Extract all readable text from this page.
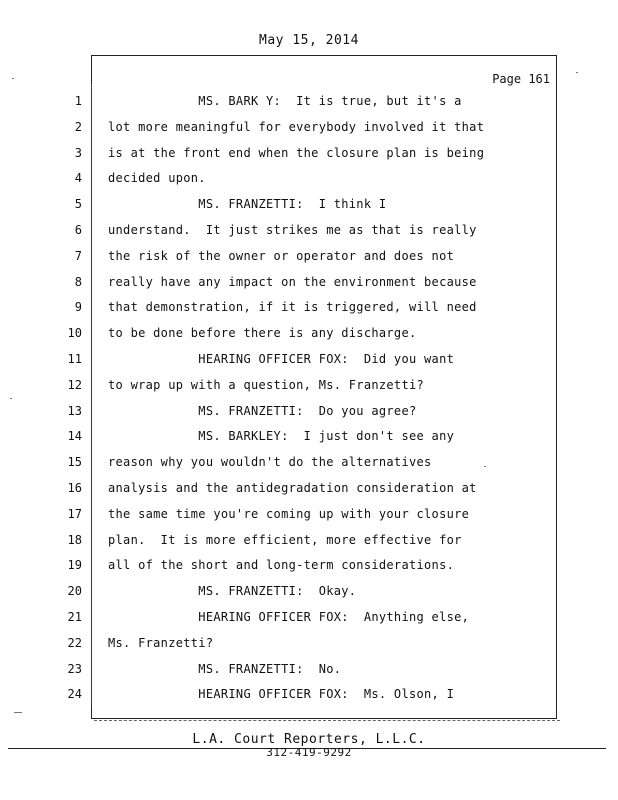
May 15, 2014
Page 161
1 MS. BARK Y:  It is true, but it's a
2 lot more meaningful for everybody involved it that
3 is at the front end when the closure plan is being
4 decided upon.
5 MS. FRANZETTI:  I think I
6 understand.  It just strikes me as that is really
7 the risk of the owner or operator and does not
8 really have any impact on the environment because
9 that demonstration, if it is triggered, will need
10 to be done before there is any discharge.
11 HEARING OFFICER FOX:  Did you want
12 to wrap up with a question, Ms. Franzetti?
13 MS. FRANZETTI:  Do you agree?
14 MS. BARKLEY:  I just don't see any
15 reason why you wouldn't do the alternatives
16 analysis and the antidegradation consideration at
17 the same time you're coming up with your closure
18 plan.  It is more efficient, more effective for
19 all of the short and long-term considerations.
20 MS. FRANZETTI:  Okay.
21 HEARING OFFICER FOX:  Anything else,
22 Ms. Franzetti?
23 MS. FRANZETTI:  No.
24 HEARING OFFICER FOX:  Ms. Olson, I
L.A. Court Reporters, L.L.C.
312-419-9292
